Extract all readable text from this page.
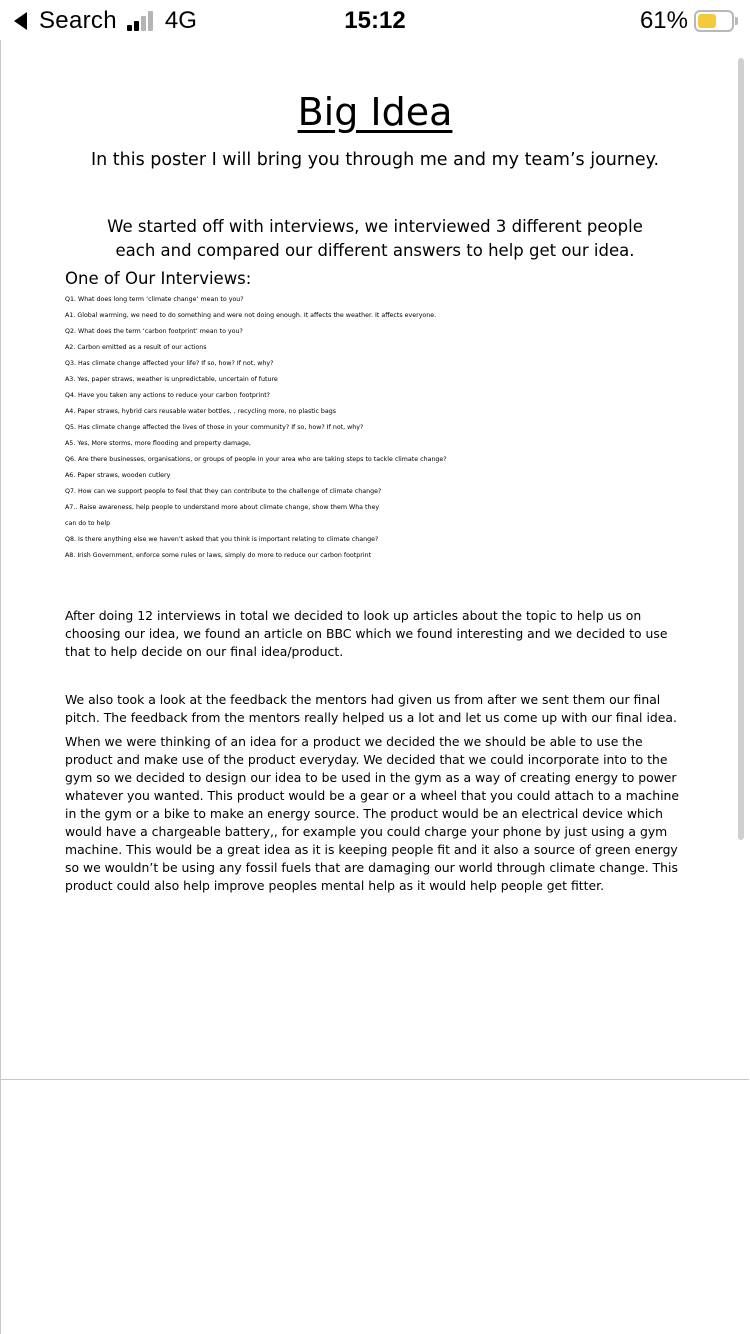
Search 4G	15:12	61%
Big Idea

In this poster I will bring you through me and my team’s journey.

We started off with interviews, we interviewed 3 different people each and compared our different answers to help get our idea.

One of Our Interviews:
Q1. What does long term ‘climate change’ mean to you?
A1. Global warming, we need to do something and were not doing enough. It affects the weather. It affects everyone.
Q2. What does the term ‘carbon footprint’ mean to you?
A2. Carbon emitted as a result of our actions
Q3. Has climate change affected your life? If so, how? If not, why?
A3. Yes, paper straws, weather is unpredictable, uncertain of future
Q4. Have you taken any actions to reduce your carbon footprint?
A4. Paper straws, hybrid cars reusable water bottles, , recycling more, no plastic bags
Q5. Has climate change affected the lives of those in your community? If so, how? If not, why?
A5. Yes, More storms, more flooding and property damage,
Q6. Are there businesses, organisations, or groups of people in your area who are taking steps to tackle climate change?
A6. Paper straws, wooden cutlery
Q7. How can we support people to feel that they can contribute to the challenge of climate change?
A7.. Raise awareness, help people to understand more about climate change, show them Wha they
can do to help
Q8. Is there anything else we haven’t asked that you think is important relating to climate change?
A8. Irish Government, enforce some rules or laws, simply do more to reduce our carbon footprint

After doing 12 interviews in total we decided to look up articles about the topic to help us on choosing our idea, we found an article on BBC which we found interesting and we decided to use that to help decide on our final idea/product.

We also took a look at the feedback the mentors had given us from after we sent them our final pitch. The feedback from the mentors really helped us a lot and let us come up with our final idea.

When we were thinking of an idea for a product we decided the we should be able to use the product and make use of the product everyday. We decided that we could incorporate into to the gym so we decided to design our idea to be used in the gym as a way of creating energy to power whatever you wanted. This product would be a gear or a wheel that you could attach to a machine in the gym or a bike to make an energy source. The product would be an electrical device which would have a chargeable battery,, for example you could charge your phone by just using a gym machine. This would be a great idea as it is keeping people fit and it also a source of green energy so we wouldn’t be using any fossil fuels that are damaging our world through climate change. This product could also help improve peoples mental help as it would help people get fitter.
